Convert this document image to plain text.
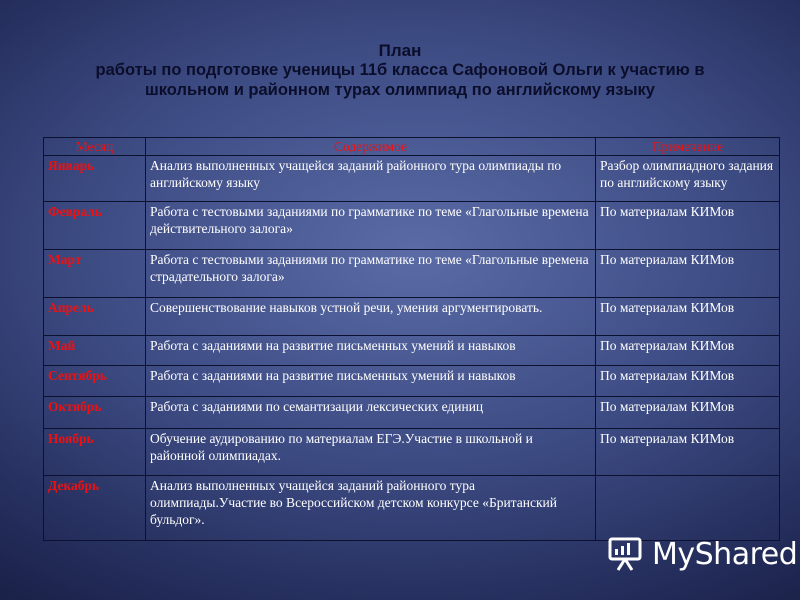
План
работы по подготовке ученицы 11б класса Сафоновой Ольги к участию в
школьном и районном турах олимпиад по английскому языку
Месяц	Содержимое	Примечание
Январь	Анализ выполненных учащейся заданий районного тура олимпиады по английскому языку	Разбор олимпиадного задания по английскому языку
Февраль	Работа с тестовыми заданиями по грамматике по теме «Глагольные времена действительного залога»	По материалам КИМов
Март	Работа с тестовыми заданиями по грамматике по теме «Глагольные времена страдательного залога»	По материалам КИМов
Апрель	Совершенствование навыков устной речи, умения аргументировать.	По материалам КИМов
Май	Работа с заданиями на развитие письменных умений и навыков	По материалам КИМов
Сентябрь	Работа с заданиями на развитие письменных умений и навыков	По материалам КИМов
Октябрь	Работа с заданиями по семантизации лексических единиц	По материалам КИМов
Ноябрь	Обучение аудированию по материалам ЕГЭ.Участие в школьной и районной олимпиадах.	По материалам КИМов
Декабрь	Анализ выполненных учащейся заданий районного тура олимпиады.Участие во Всероссийском детском конкурсе «Британский бульдог».	
MyShared
